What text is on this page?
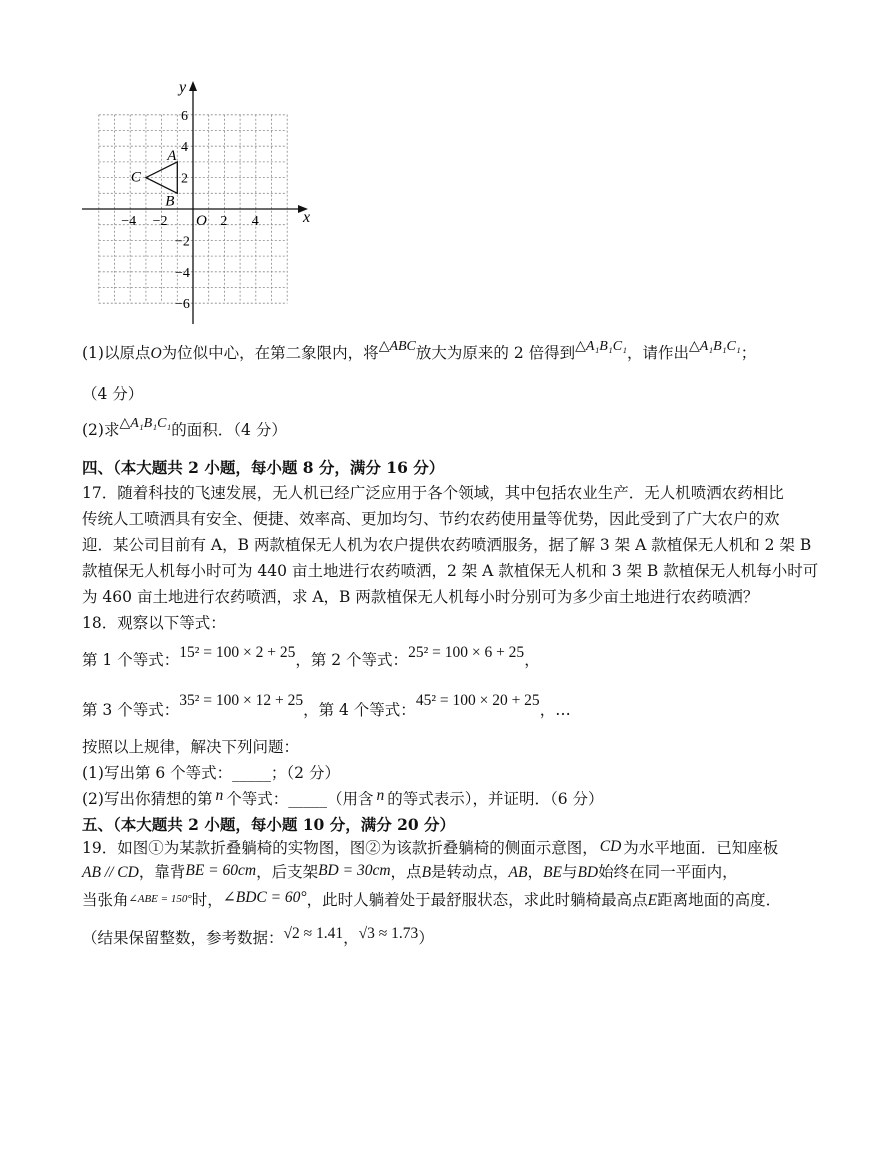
x
y
O
A
B
C
−4 −2	2 4
6
4
2
−2
−4
−6
(1)以原点O为位似中心，在第二象限内，将△ABC放大为原来的 2 倍得到△A₁B₁C₁，请作出△A₁B₁C₁；
（4 分）
(2)求△A₁B₁C₁的面积．（4 分）
四、（本大题共 2 小题，每小题 8 分，满分 16 分）
17．随着科技的飞速发展，无人机已经广泛应用于各个领域，其中包括农业生产．无人机喷洒农药相比
传统人工喷洒具有安全、便捷、效率高、更加均匀、节约农药使用量等优势，因此受到了广大农户的欢
迎．某公司目前有 A，B 两款植保无人机为农户提供农药喷洒服务，据了解 3 架 A 款植保无人机和 2 架 B
款植保无人机每小时可为 440 亩土地进行农药喷洒，2 架 A 款植保无人机和 3 架 B 款植保无人机每小时可
为 460 亩土地进行农药喷洒，求 A，B 两款植保无人机每小时分别可为多少亩土地进行农药喷洒？
18．观察以下等式：
第 1 个等式：15² = 100 × 2 + 25，第 2 个等式：25² = 100 × 6 + 25，
第 3 个等式：35² = 100 × 12 + 25，第 4 个等式：45² = 100 × 20 + 25，…
按照以上规律，解决下列问题：
(1)写出第 6 个等式：_____；（2 分）
(2)写出你猜想的第 n 个等式：_____（用含 n 的等式表示），并证明．（6 分）
五、（本大题共 2 小题，每小题 10 分，满分 20 分）
19．如图①为某款折叠躺椅的实物图，图②为该款折叠躺椅的侧面示意图， CD 为水平地面．已知座板
AB // CD，靠背BE = 60cm，后支架BD = 30cm，点B是转动点，AB，BE与BD始终在同一平面内，
当张角∠ABE = 150°时，∠BDC = 60°，此时人躺着处于最舒服状态，求此时躺椅最高点E距离地面的高度．
（结果保留整数，参考数据：√2 ≈ 1.41，√3 ≈ 1.73）
